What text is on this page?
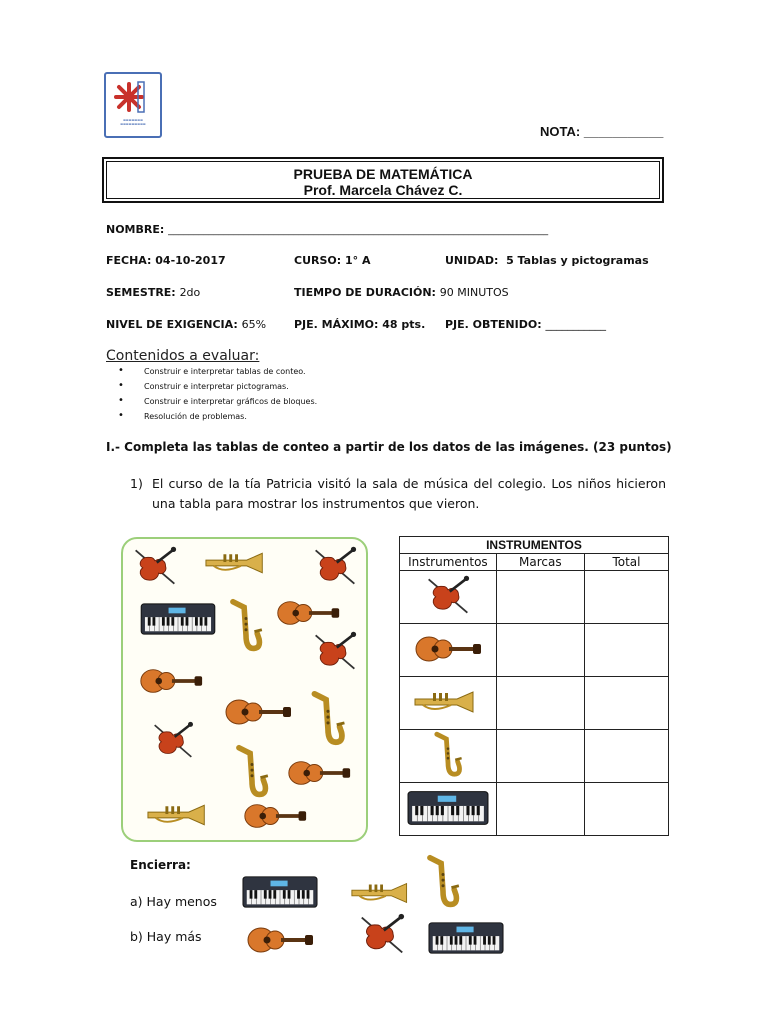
▬▬▬▬▬▬▬
▬▬▬▬▬▬▬▬▬	NOTA: ___________
PRUEBA DE MATEMÁTICA
Prof. Marcela Chávez C.
NOMBRE: ____________________________________________________________________________
FECHA: 04-10-2017	CURSO: 1° A	UNIDAD: 5 Tablas y pictogramas
SEMESTRE: 2do	TIEMPO DE DURACIÓN: 90 MINUTOS
NIVEL DE EXIGENCIA: 65%	PJE. MÁXIMO: 48 pts. PJE. OBTENIDO: ___________
Contenidos a evaluar:
• Construir e interpretar tablas de conteo.
• Construir e interpretar pictogramas.
• Construir e interpretar gráficos de bloques.
• Resolución de problemas.
I.- Completa las tablas de conteo a partir de los datos de las imágenes. (23 puntos)
1) El curso de la tía Patricia visitó la sala de música del colegio. Los niños hicieron una tabla para mostrar los instrumentos que vieron.
INSTRUMENTOS		
Instrumentos	Marcas	Total

Encierra:
a) Hay menos
b) Hay más
